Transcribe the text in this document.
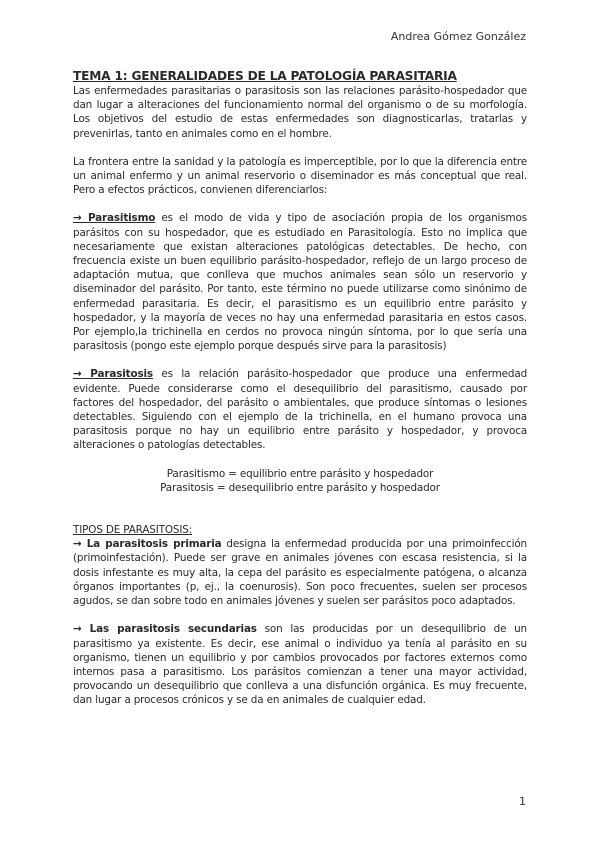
Andrea Gómez González
TEMA 1: GENERALIDADES DE LA PATOLOGÍA PARASITARIA

Las enfermedades parasitarias o parasitosis son las relaciones parásito-hospedador que dan lugar a alteraciones del funcionamiento normal del organismo o de su morfología. Los objetivos del estudio de estas enfermedades son diagnosticarlas, tratarlas y prevenirlas, tanto en animales como en el hombre.

La frontera entre la sanidad y la patología es imperceptible, por lo que la diferencia entre un animal enfermo y un animal reservorio o diseminador es más conceptual que real. Pero a efectos prácticos, convienen diferenciarlos:

→ Parasitismo es el modo de vida y tipo de asociación propia de los organismos parásitos con su hospedador, que es estudiado en Parasitología. Esto no implica que necesariamente que existan alteraciones patológicas detectables. De hecho, con frecuencia existe un buen equilibrio parásito-hospedador, reflejo de un largo proceso de adaptación mutua, que conlleva que muchos animales sean sólo un reservorio y diseminador del parásito. Por tanto, este término no puede utilizarse como sinónimo de enfermedad parasitaria. Es decir, el parasitismo es un equilibrio entre parásito y hospedador, y la mayoría de veces no hay una enfermedad parasitaria en estos casos. Por ejemplo,la trichinella en cerdos no provoca ningún síntoma, por lo que sería una parasitosis (pongo este ejemplo porque después sirve para la parasitosis)

→ Parasitosis es la relación parásito-hospedador que produce una enfermedad evidente. Puede considerarse como el desequilibrio del parasitismo, causado por factores del hospedador, del parásito o ambientales, que produce síntomas o lesiones detectables. Siguiendo con el ejemplo de la trichinella, en el humano provoca una parasitosis porque no hay un equilibrio entre parásito y hospedador, y provoca alteraciones o patologías detectables.

Parasitismo = equilibrio entre parásito y hospedador

Parasitosis = desequilibrio entre parásito y hospedador

TIPOS DE PARASITOSIS:

→ La parasitosis primaria designa la enfermedad producida por una primoinfección (primoinfestación). Puede ser grave en animales jóvenes con escasa resistencia, si la dosis infestante es muy alta, la cepa del parásito es especialmente patógena, o alcanza órganos importantes (p, ej., la coenurosis). Son poco frecuentes, suelen ser procesos agudos, se dan sobre todo en animales jóvenes y suelen ser parásitos poco adaptados.

→ Las parasitosis secundarias son las producidas por un desequilibrio de un parasitismo ya existente. Es decir, ese animal o individuo ya tenía al parásito en su organismo, tienen un equilibrio y por cambios provocados por factores externos como internos pasa a parasitismo. Los parásitos comienzan a tener una mayor actividad, provocando un desequilibrio que conlleva a una disfunción orgánica. Es muy frecuente, dan lugar a procesos crónicos y se da en animales de cualquier edad.

1
